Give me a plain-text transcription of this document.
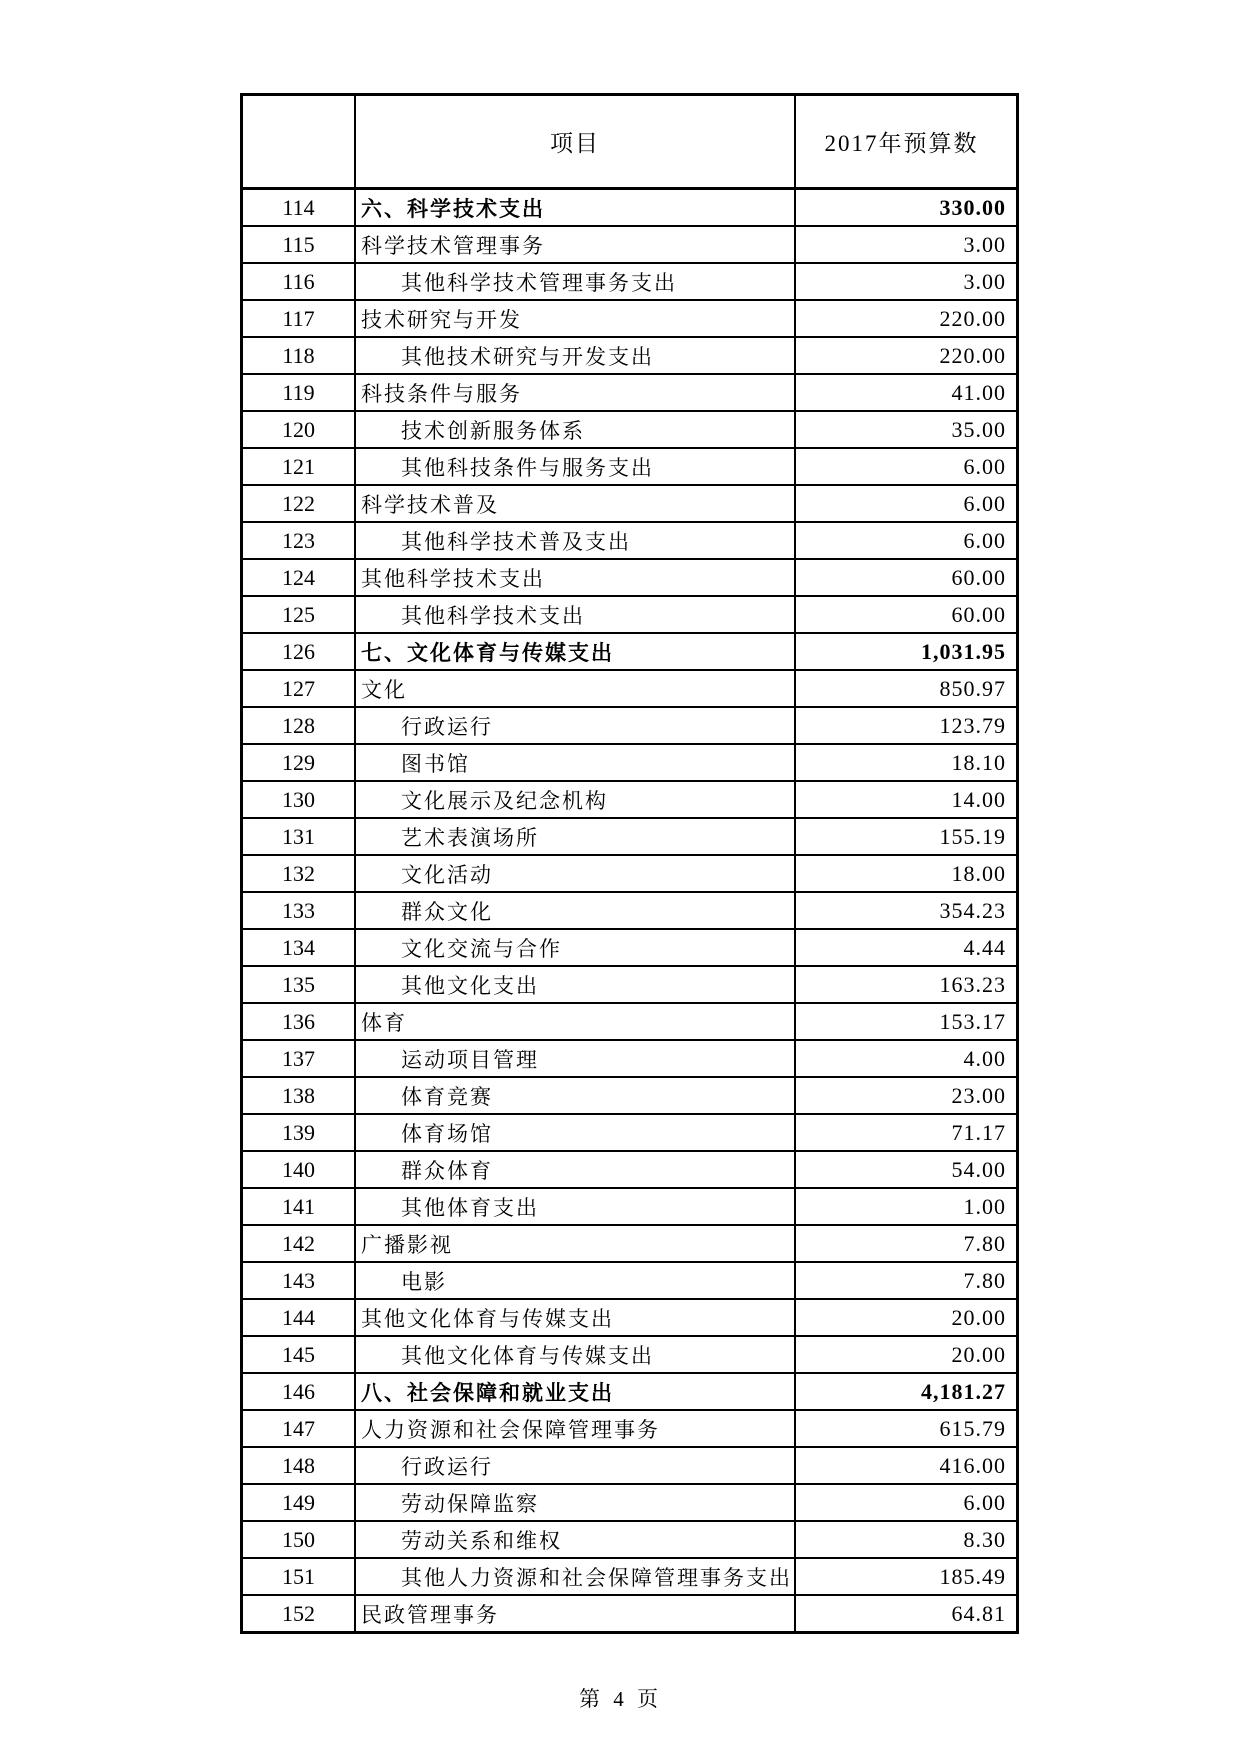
	项目	2017年预算数
114	六、科学技术支出	330.00
115	科学技术管理事务	3.00
116	其他科学技术管理事务支出	3.00
117	技术研究与开发	220.00
118	其他技术研究与开发支出	220.00
119	科技条件与服务	41.00
120	技术创新服务体系	35.00
121	其他科技条件与服务支出	6.00
122	科学技术普及	6.00
123	其他科学技术普及支出	6.00
124	其他科学技术支出	60.00
125	其他科学技术支出	60.00
126	七、文化体育与传媒支出	1,031.95
127	文化	850.97
128	行政运行	123.79
129	图书馆	18.10
130	文化展示及纪念机构	14.00
131	艺术表演场所	155.19
132	文化活动	18.00
133	群众文化	354.23
134	文化交流与合作	4.44
135	其他文化支出	163.23
136	体育	153.17
137	运动项目管理	4.00
138	体育竞赛	23.00
139	体育场馆	71.17
140	群众体育	54.00
141	其他体育支出	1.00
142	广播影视	7.80
143	电影	7.80
144	其他文化体育与传媒支出	20.00
145	其他文化体育与传媒支出	20.00
146	八、社会保障和就业支出	4,181.27
147	人力资源和社会保障管理事务	615.79
148	行政运行	416.00
149	劳动保障监察	6.00
150	劳动关系和维权	8.30
151	其他人力资源和社会保障管理事务支出	185.49
152	民政管理事务	64.81
第 4 页
